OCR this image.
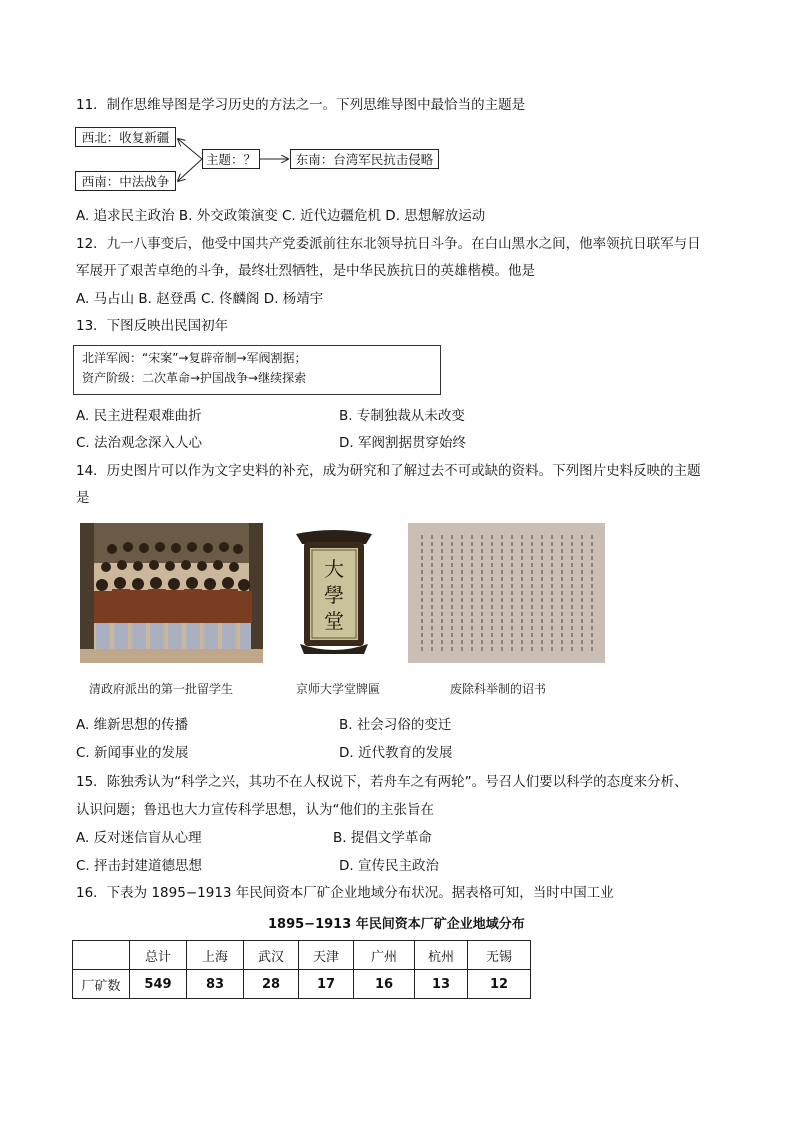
11．制作思维导图是学习历史的方法之一。下列思维导图中最恰当的主题是
西北：收复新疆
西南：中法战争
主题：？	东南：台湾军民抗击侵略
A. 追求民主政治 B. 外交政策演变 C. 近代边疆危机 D. 思想解放运动
12．九一八事变后，他受中国共产党委派前往东北领导抗日斗争。在白山黑水之间，他率领抗日联军与日
军展开了艰苦卓绝的斗争，最终壮烈牺牲，是中华民族抗日的英雄楷模。他是
A. 马占山 B. 赵登禹 C. 佟麟阁 D. 杨靖宇
13．下图反映出民国初年
北洋军阀：“宋案”→复辟帝制→军阀割据；
资产阶级：二次革命→护国战争→继续探索
A. 民主进程艰难曲折	B. 专制独裁从未改变
C. 法治观念深入人心	D. 军阀割据贯穿始终
14．历史图片可以作为文字史料的补充，成为研究和了解过去不可或缺的资料。下列图片史料反映的主题
是
大
學
堂
清政府派出的第一批留学生	京师大学堂牌匾	废除科举制的诏书
A. 维新思想的传播	B. 社会习俗的变迁
C. 新闻事业的发展	D. 近代教育的发展
15．陈独秀认为“科学之兴，其功不在人权说下，若舟车之有两轮”。号召人们要以科学的态度来分析、
认识问题；鲁迅也大力宣传科学思想，认为“他们的主张旨在
A. 反对迷信盲从心理	B. 提倡文学革命
C. 抨击封建道德思想	D. 宣传民主政治
16．下表为 1895−1913 年民间资本厂矿企业地域分布状况。据表格可知，当时中国工业
1895−1913 年民间资本厂矿企业地域分布
	总计	上海	武汉	天津	广州	杭州	无锡
厂矿数	549	83	28	17	16	13	12
